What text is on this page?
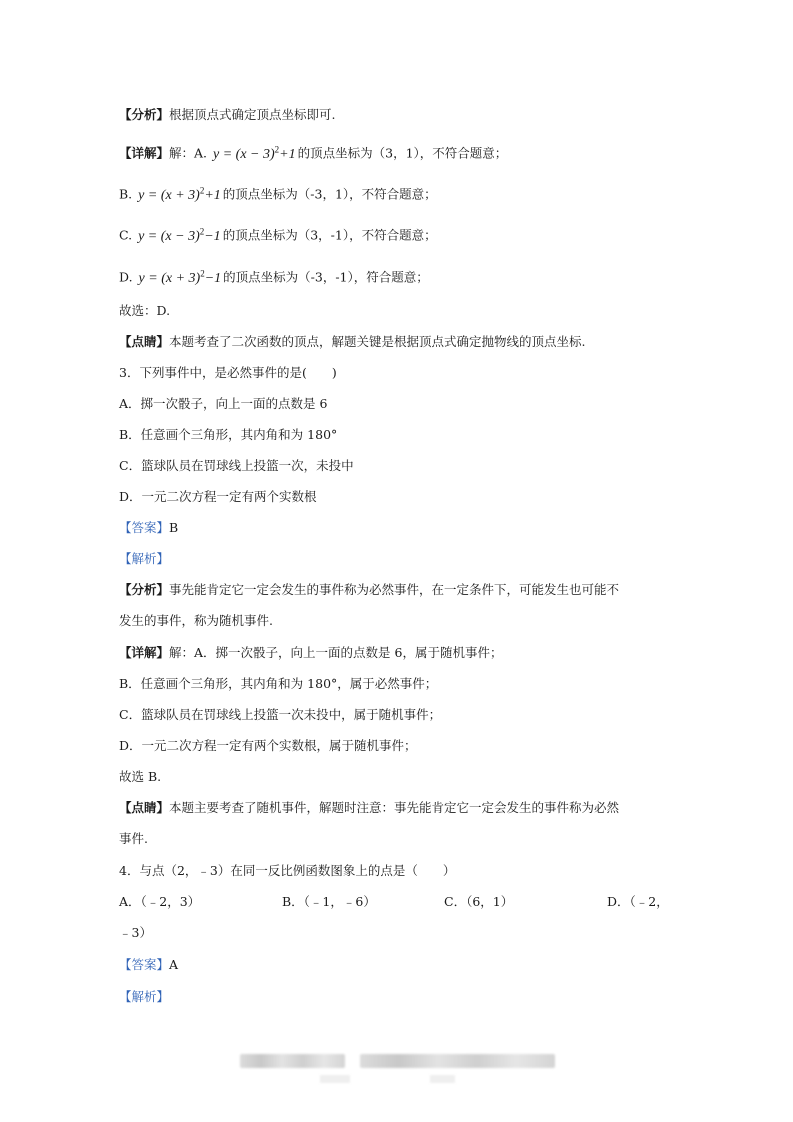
【分析】根据顶点式确定顶点坐标即可.
【详解】解：A. $y = (x - 3)^2+1$ 的顶点坐标为（3，1），不符合题意；
B. $y = (x + 3)^2+1$ 的顶点坐标为（-3，1），不符合题意；
C. $y = (x - 3)^2-1$ 的顶点坐标为（3，-1），不符合题意；
D. $y = (x + 3)^2-1$ 的顶点坐标为（-3，-1），符合题意；
故选：D.
【点睛】本题考查了二次函数的顶点，解题关键是根据顶点式确定抛物线的顶点坐标.
3．下列事件中，是必然事件的是(　　)
A．掷一次骰子，向上一面的点数是 6
B．任意画个三角形，其内角和为 180°
C．篮球队员在罚球线上投篮一次，未投中
D．一元二次方程一定有两个实数根
【答案】B
【解析】
【分析】事先能肯定它一定会发生的事件称为必然事件，在一定条件下，可能发生也可能不
发生的事件，称为随机事件.
【详解】解：A．掷一次骰子，向上一面的点数是 6，属于随机事件；
B．任意画个三角形，其内角和为 180°，属于必然事件；
C．篮球队员在罚球线上投篮一次未投中，属于随机事件；
D．一元二次方程一定有两个实数根，属于随机事件；
故选 B.
【点睛】本题主要考查了随机事件，解题时注意：事先能肯定它一定会发生的事件称为必然
事件.
4．与点（2，﹣3）在同一反比例函数图象上的点是（　　）
A．（﹣2，3）	B．（﹣1，﹣6）	C．（6，1）	D．（﹣2，
﹣3）
【答案】A
【解析】
